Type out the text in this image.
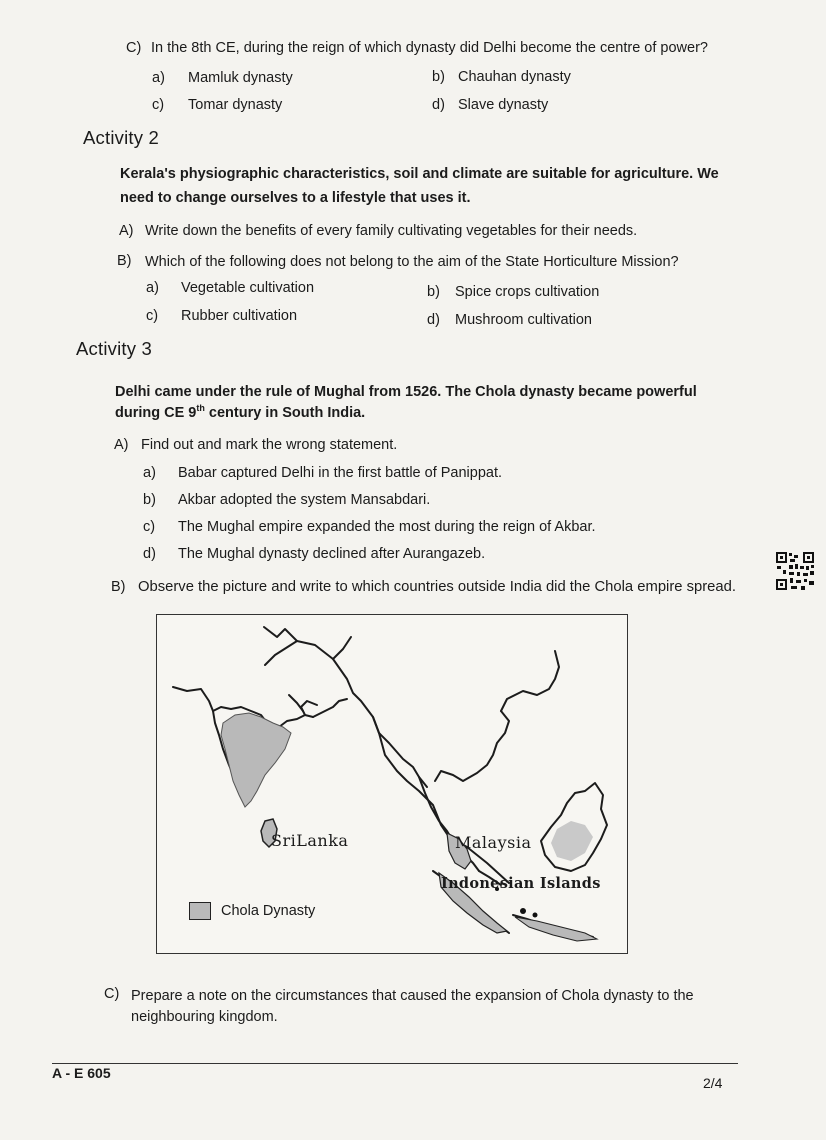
C) In the 8th CE, during the reign of which dynasty did Delhi become the centre of power?
a) Mamluk dynasty	b) Chauhan dynasty
c) Tomar dynasty	d) Slave dynasty
Activity 2
Kerala's physiographic characteristics, soil and climate are suitable for agriculture. We
need to change ourselves to a lifestyle that uses it.
A) Write down the benefits of every family cultivating vegetables for their needs.
B) Which of the following does not belong to the aim of the State Horticulture Mission?
a) Vegetable cultivation	b) Spice crops cultivation
c) Rubber cultivation	d) Mushroom cultivation
Activity 3
Delhi came under the rule of Mughal from 1526. The Chola dynasty became powerful
during CE 9th century in South India.
A) Find out and mark the wrong statement.
a) Babar captured Delhi in the first battle of Panippat.
b) Akbar adopted the system Mansabdari.
c) The Mughal empire expanded the most during the reign of Akbar.
d) The Mughal dynasty declined after Aurangazeb.
B) Observe the picture and write to which countries outside India did the Chola empire spread.
SriLanka	Malaysia
Indonesian Islands
Chola Dynasty
C) Prepare a note on the circumstances that caused the expansion of Chola dynasty to the
neighbouring kingdom.
A - E 605
2/4
